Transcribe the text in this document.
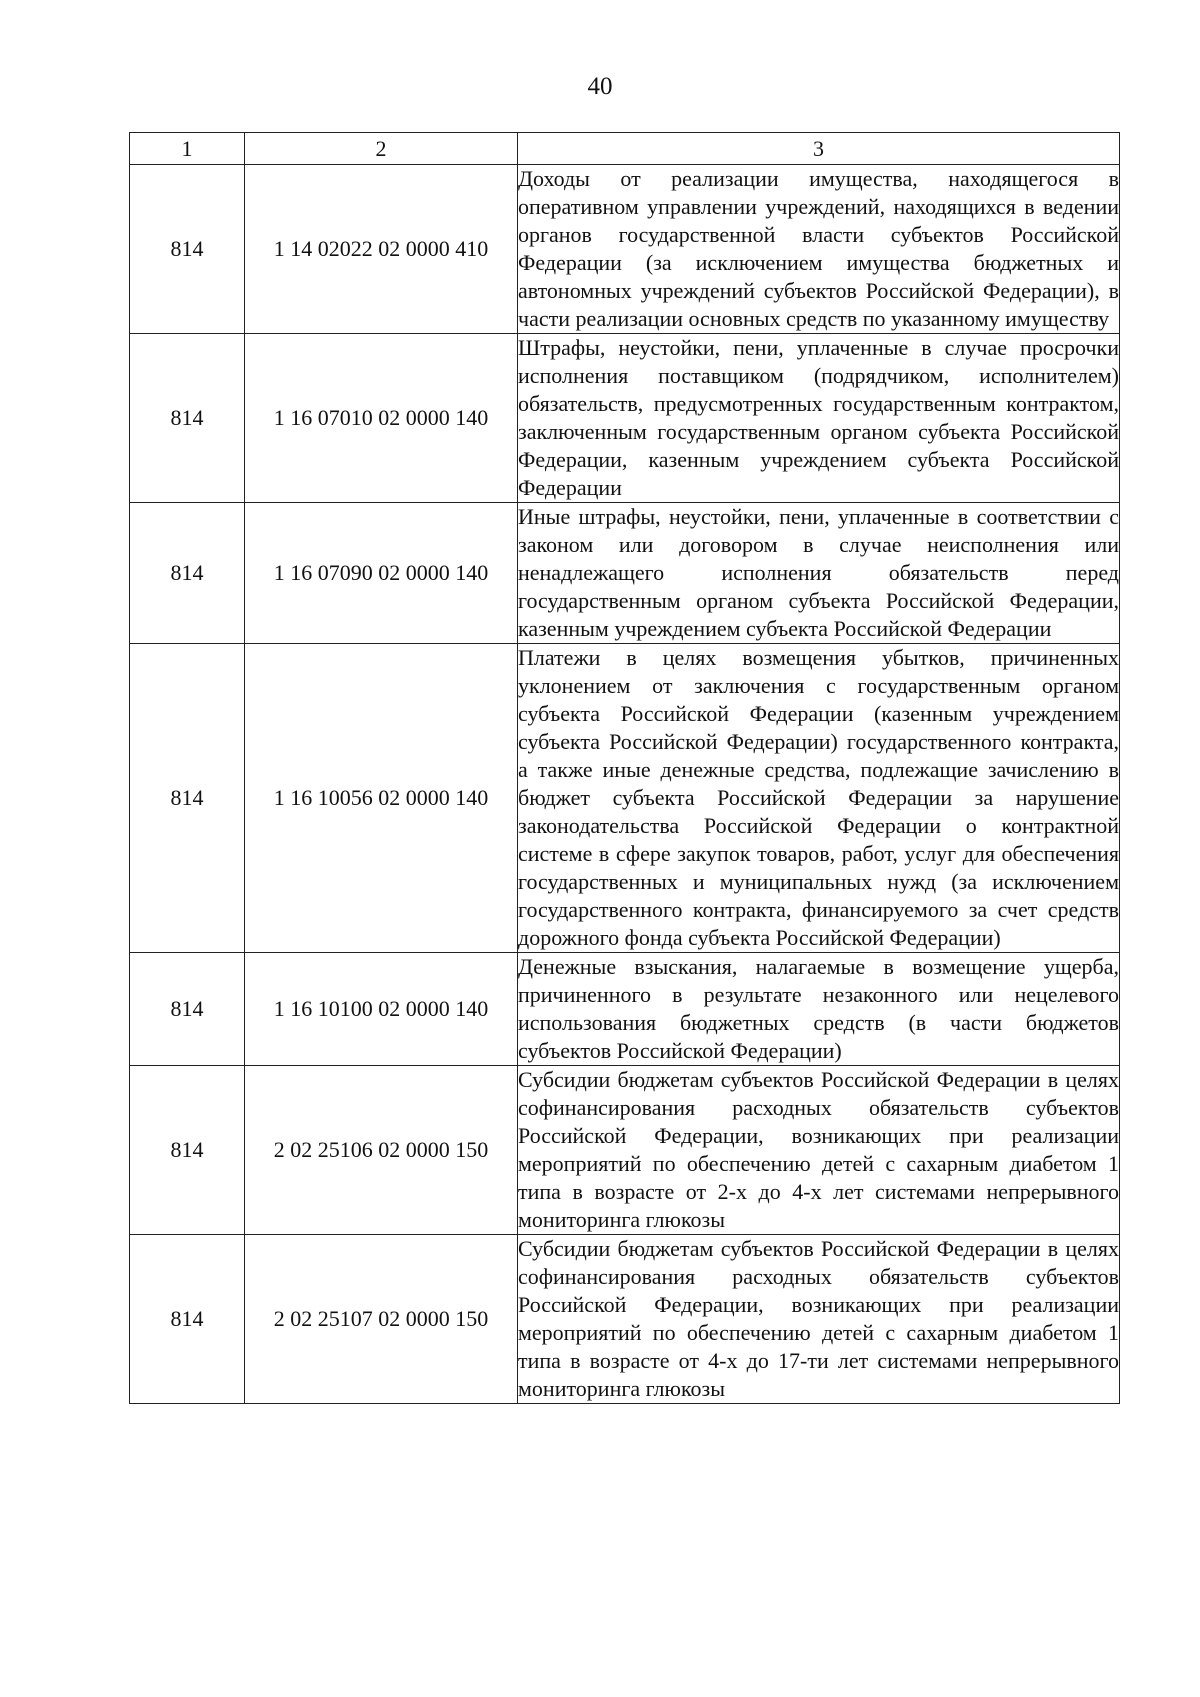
40
1	2	3
814	1 14 02022 02 0000 410	Доходы от реализации имущества, находящегося в оперативном управлении учреждений, находящихся в ведении органов государственной власти субъектов Российской Федерации (за исключением имущества бюджетных и автономных учреждений субъектов Российской Федерации), в части реализации основных средств по указанному имуществу
814	1 16 07010 02 0000 140	Штрафы, неустойки, пени, уплаченные в случае просрочки исполнения поставщиком (подрядчиком, исполнителем) обязательств, предусмотренных государственным контрактом, заключенным государственным органом субъекта Российской Федерации, казенным учреждением субъекта Российской Федерации
814	1 16 07090 02 0000 140	Иные штрафы, неустойки, пени, уплаченные в соответствии с законом или договором в случае неисполнения или ненадлежащего исполнения обязательств перед государственным органом субъекта Российской Федерации, казенным учреждением субъекта Российской Федерации
814	1 16 10056 02 0000 140	Платежи в целях возмещения убытков, причиненных уклонением от заключения с государственным органом субъекта Российской Федерации (казенным учреждением субъекта Российской Федерации) государственного контракта, а также иные денежные средства, подлежащие зачислению в бюджет субъекта Российской Федерации за нарушение законодательства Российской Федерации о контрактной системе в сфере закупок товаров, работ, услуг для обеспечения государственных и муниципальных нужд (за исключением государственного контракта, финансируемого за счет средств дорожного фонда субъекта Российской Федерации)
814	1 16 10100 02 0000 140	Денежные взыскания, налагаемые в возмещение ущерба, причиненного в результате незаконного или нецелевого использования бюджетных средств (в части бюджетов субъектов Российской Федерации)
814	2 02 25106 02 0000 150	Субсидии бюджетам субъектов Российской Федерации в целях софинансирования расходных обязательств субъектов Российской Федерации, возникающих при реализации мероприятий по обеспечению детей с сахарным диабетом 1 типа в возрасте от 2-х до 4-х лет системами непрерывного мониторинга глюкозы
814	2 02 25107 02 0000 150	Субсидии бюджетам субъектов Российской Федерации в целях софинансирования расходных обязательств субъектов Российской Федерации, возникающих при реализации мероприятий по обеспечению детей с сахарным диабетом 1 типа в возрасте от 4-х до 17-ти лет системами непрерывного мониторинга глюкозы
